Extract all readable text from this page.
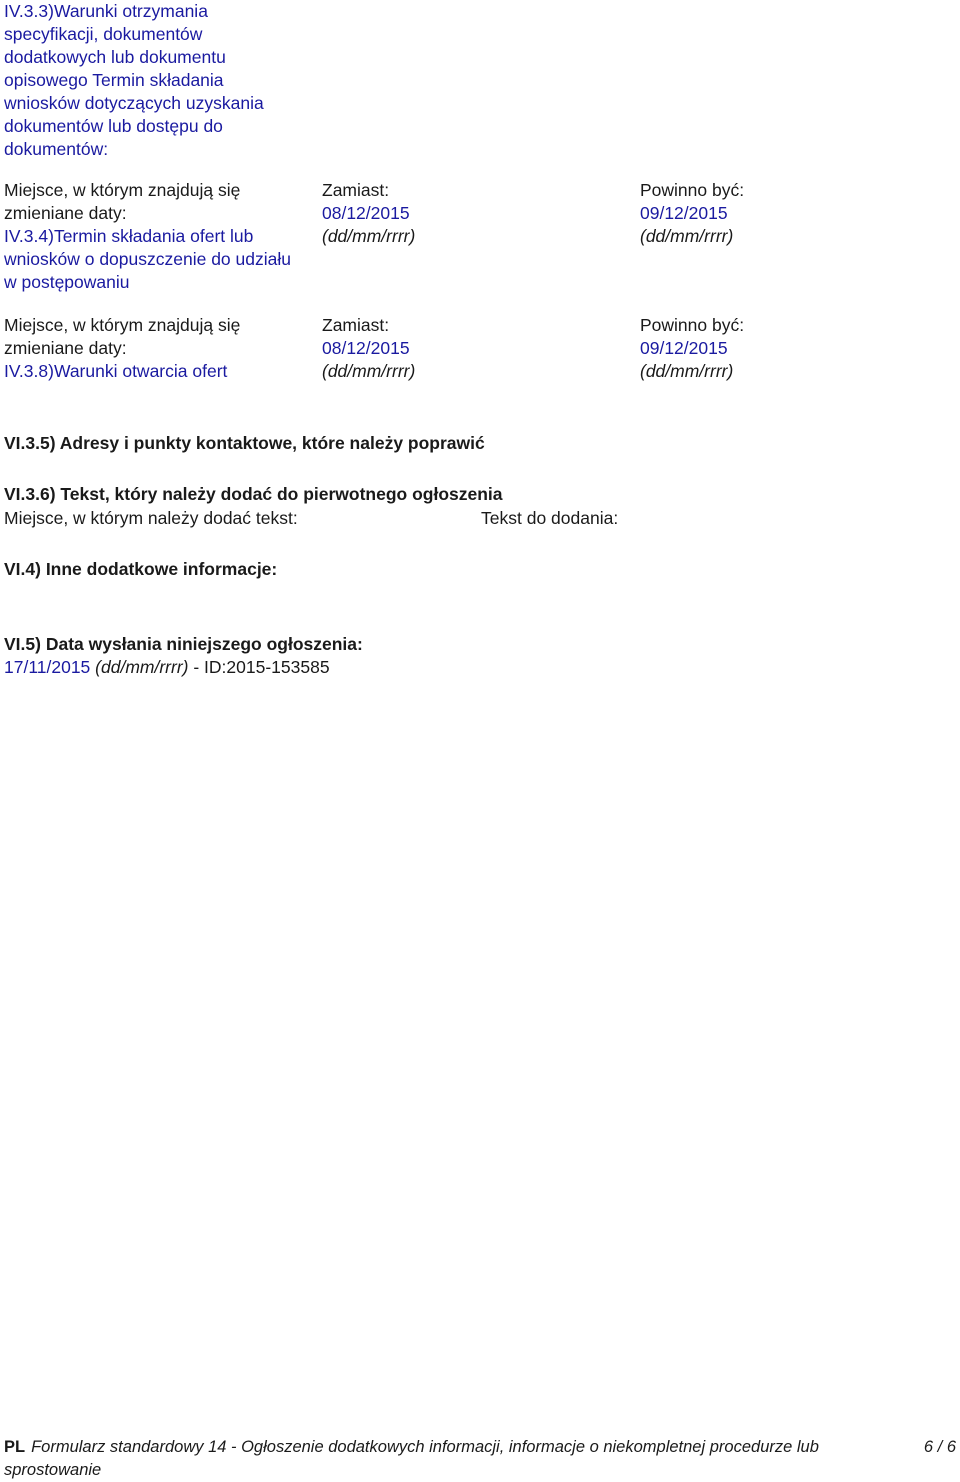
IV.3.3)Warunki otrzymania
specyfikacji, dokumentów
dodatkowych lub dokumentu
opisowego Termin składania
wniosków dotyczących uzyskania
dokumentów lub dostępu do
dokumentów:
Miejsce, w którym znajdują się
zmieniane daty:
IV.3.4)Termin składania ofert lub
wniosków o dopuszczenie do udziału
w postępowaniu
Zamiast:
08/12/2015
(dd/mm/rrrr)
Powinno być:
09/12/2015
(dd/mm/rrrr)
Miejsce, w którym znajdują się
zmieniane daty:
IV.3.8)Warunki otwarcia ofert
Zamiast:
08/12/2015
(dd/mm/rrrr)
Powinno być:
09/12/2015
(dd/mm/rrrr)
VI.3.5) Adresy i punkty kontaktowe, które należy poprawić
VI.3.6) Tekst, który należy dodać do pierwotnego ogłoszenia
Miejsce, w którym należy dodać tekst:	Tekst do dodania:
VI.4) Inne dodatkowe informacje:
VI.5) Data wysłania niniejszego ogłoszenia:
17/11/2015 (dd/mm/rrrr) - ID:2015-153585
PL Formularz standardowy 14 - Ogłoszenie dodatkowych informacji, informacje o niekompletnej procedurze lub
sprostowanie
6 / 6
